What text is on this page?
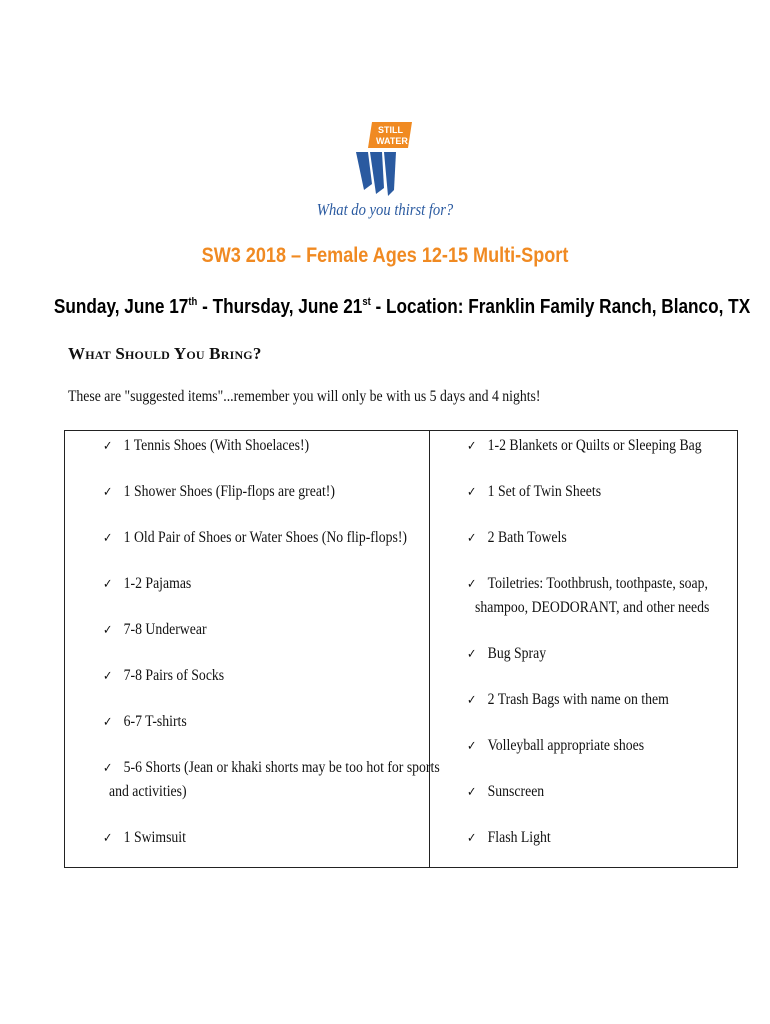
STILL
WATER
What do you thirst for?
SW3 2018 – Female Ages 12-15 Multi-Sport
Sunday, June 17th - Thursday, June 21st - Location: Franklin Family Ranch, Blanco, TX
What Should You Bring?
These are "suggested items"...remember you will only be with us 5 days and 4 nights!
✓ 1 Tennis Shoes (With Shoelaces!)
✓ 1 Shower Shoes (Flip-flops are great!)
✓ 1 Old Pair of Shoes or Water Shoes (No flip-flops!)
✓ 1-2 Pajamas
✓ 7-8 Underwear
✓ 7-8 Pairs of Socks
✓ 6-7 T-shirts
✓ 5-6 Shorts (Jean or khaki shorts may be too hot for sports
and activities)
✓ 1 Swimsuit
✓ 1-2 Blankets or Quilts or Sleeping Bag
✓ 1 Set of Twin Sheets
✓ 2 Bath Towels
✓ Toiletries: Toothbrush, toothpaste, soap,
shampoo, DEODORANT, and other needs
✓ Bug Spray
✓ 2 Trash Bags with name on them
✓ Volleyball appropriate shoes
✓ Sunscreen
✓ Flash Light
